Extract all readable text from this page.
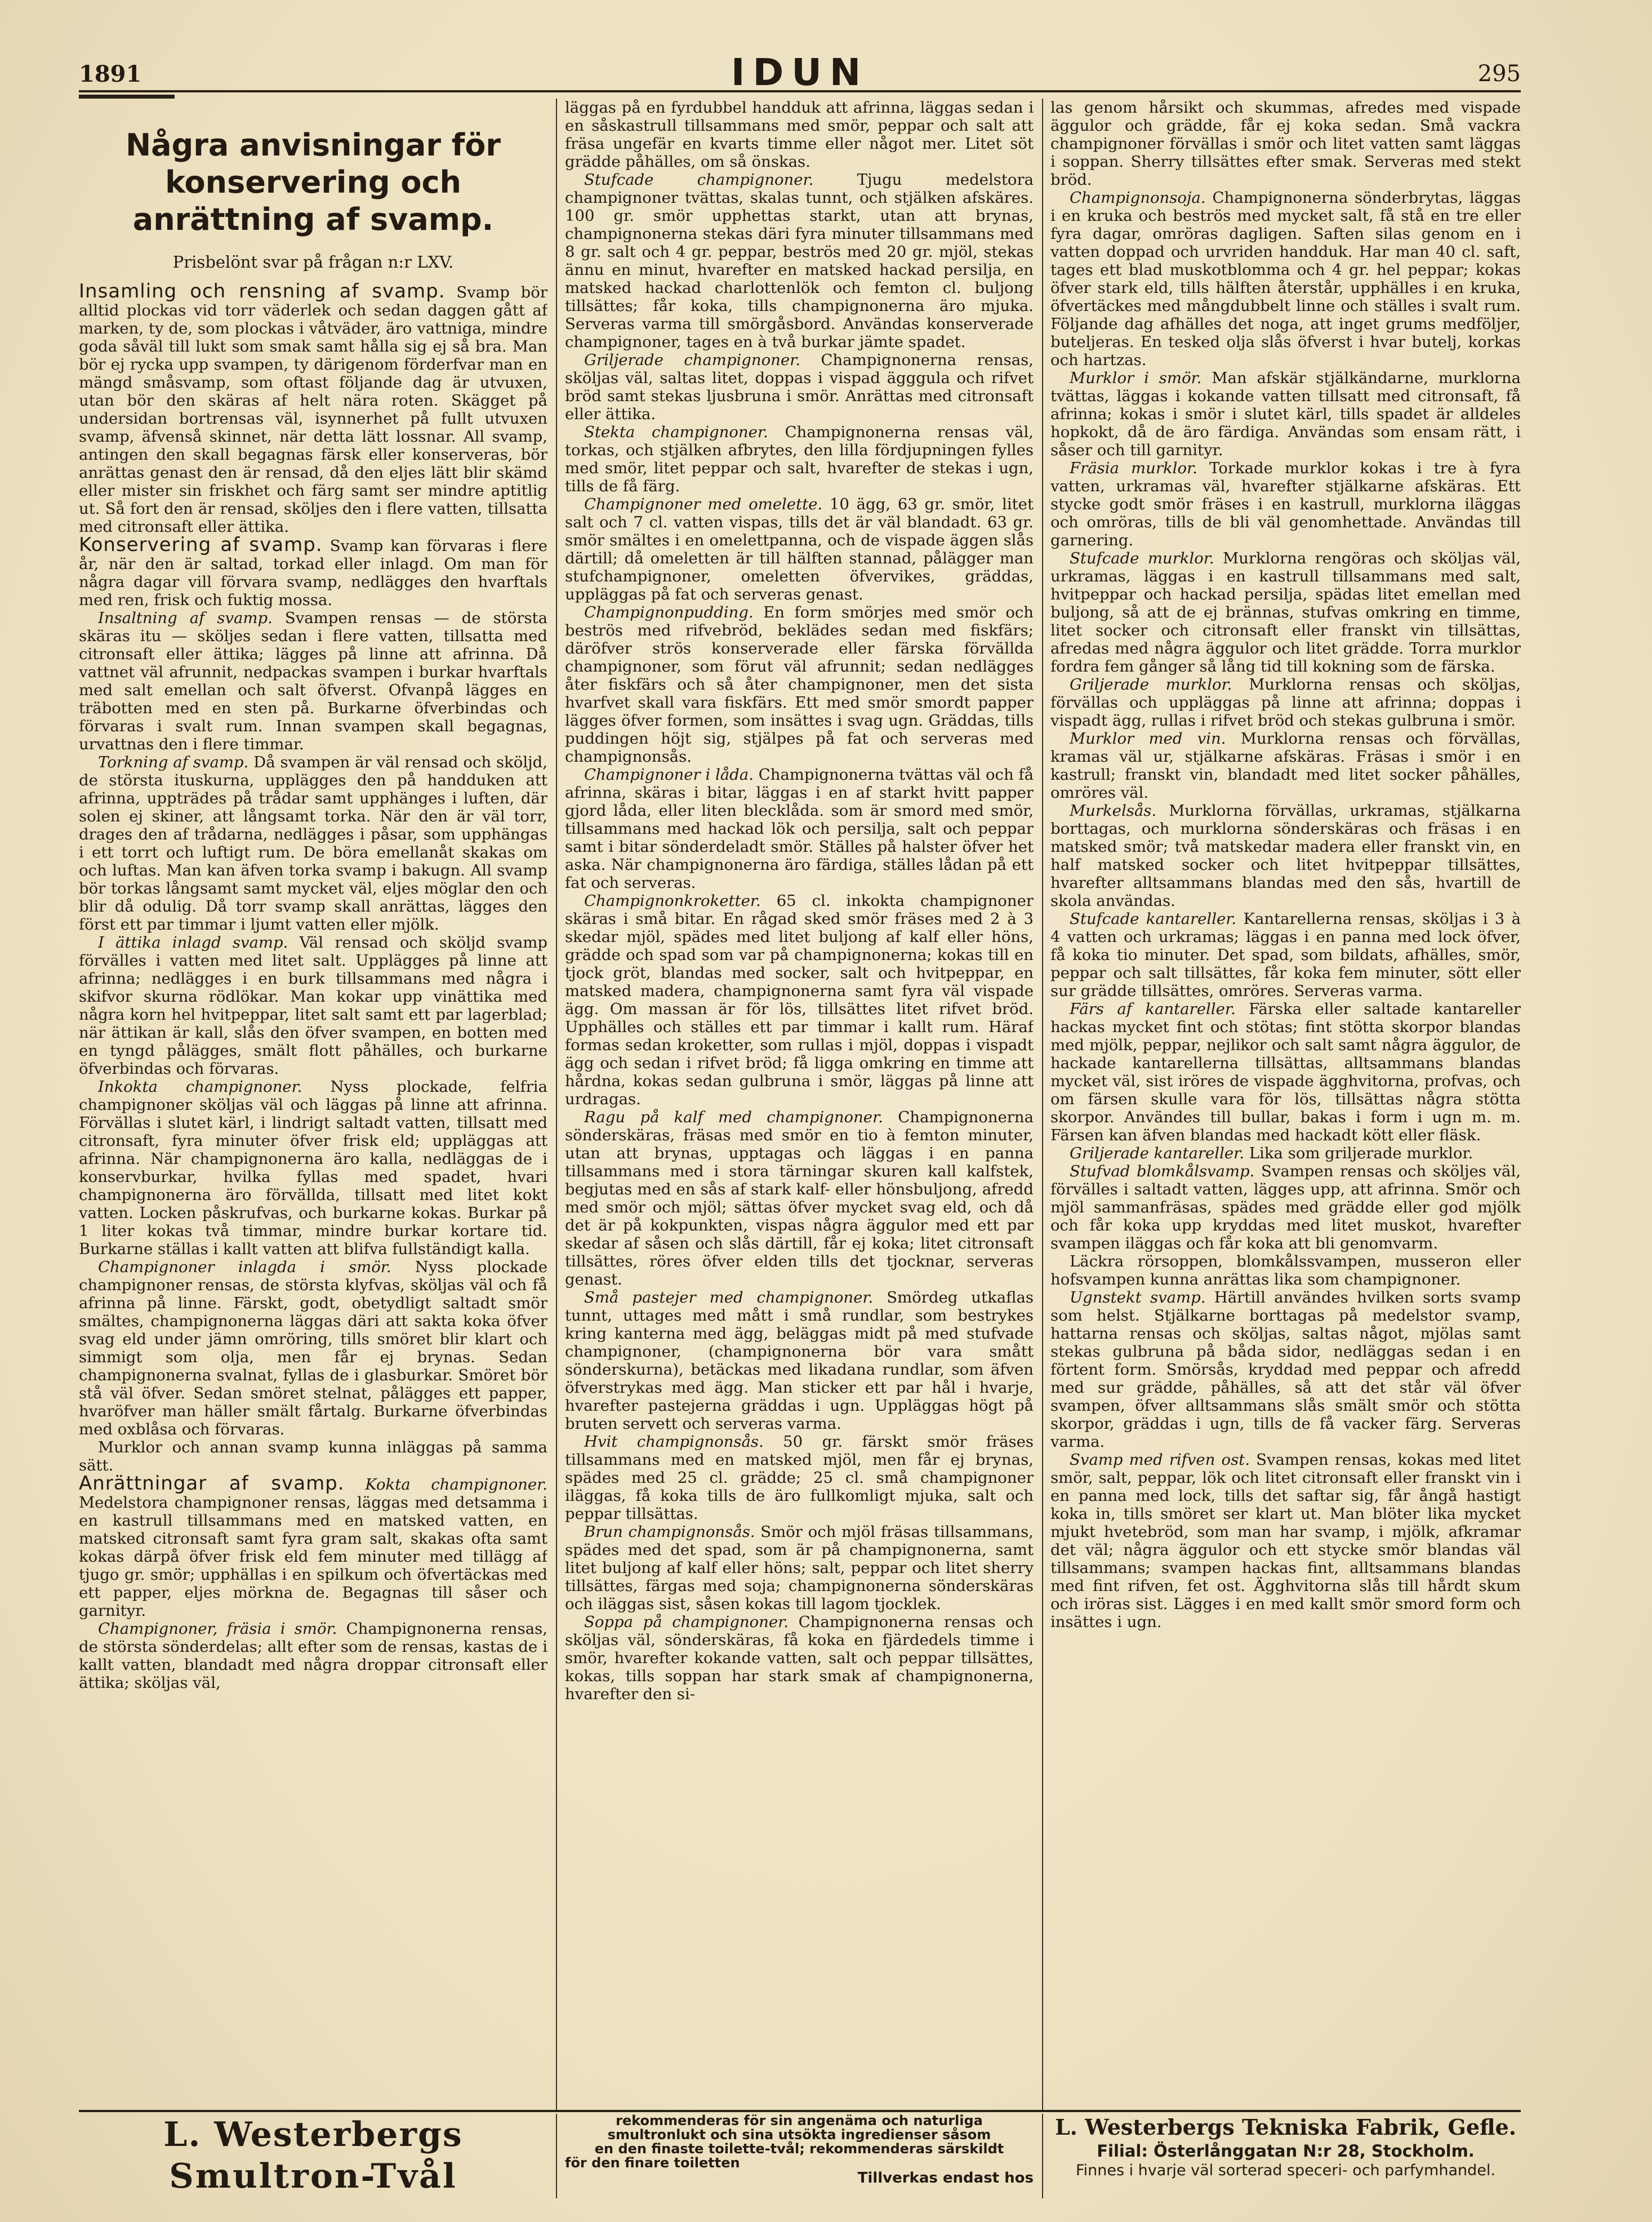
1891	IDUN	295
Några anvisningar för konservering och anrättning af svamp.
Prisbelönt svar på frågan n:r LXV.

Insamling och rensning af svamp. Svamp bör alltid plockas vid torr väderlek och sedan daggen gått af marken, ty de, som plockas i våtväder, äro vattniga, mindre goda såväl till lukt som smak samt hålla sig ej så bra. Man bör ej rycka upp svampen, ty därigenom förderfvar man en mängd småsvamp, som oftast följande dag är utvuxen, utan bör den skäras af helt nära roten. Skägget på undersidan bortrensas väl, isynnerhet på fullt utvuxen svamp, äfvenså skinnet, när detta lätt lossnar. All svamp, antingen den skall begagnas färsk eller konserveras, bör anrättas genast den är rensad, då den eljes lätt blir skämd eller mister sin friskhet och färg samt ser mindre aptitlig ut. Så fort den är rensad, sköljes den i flere vatten, tillsatta med citronsaft eller ättika.

Konservering af svamp. Svamp kan förvaras i flere år, när den är saltad, torkad eller inlagd. Om man för några dagar vill förvara svamp, nedlägges den hvarftals med ren, frisk och fuktig mossa.

Insaltning af svamp. Svampen rensas — de största skäras itu — sköljes sedan i flere vatten, tillsatta med citronsaft eller ättika; lägges på linne att afrinna. Då vattnet väl afrunnit, nedpackas svampen i burkar hvarftals med salt emellan och salt öfverst. Ofvanpå lägges en träbotten med en sten på. Burkarne öfverbindas och förvaras i svalt rum. Innan svampen skall begagnas, urvattnas den i flere timmar.

Torkning af svamp. Då svampen är väl rensad och sköljd, de största ituskurna, upplägges den på handduken att afrinna, uppträdes på trådar samt upphänges i luften, där solen ej skiner, att långsamt torka. När den är väl torr, drages den af trådarna, nedlägges i påsar, som upphängas i ett torrt och luftigt rum. De böra emellanåt skakas om och luftas. Man kan äfven torka svamp i bakugn. All svamp bör torkas långsamt samt mycket väl, eljes möglar den och blir då odulig. Då torr svamp skall anrättas, lägges den först ett par timmar i ljumt vatten eller mjölk.

I ättika inlagd svamp. Väl rensad och sköljd svamp förvälles i vatten med litet salt. Upplägges på linne att afrinna; nedlägges i en burk tillsammans med några i skifvor skurna rödlökar. Man kokar upp vinättika med några korn hel hvitpeppar, litet salt samt ett par lagerblad; när ättikan är kall, slås den öfver svampen, en botten med en tyngd pålägges, smält flott påhälles, och burkarne öfverbindas och förvaras.

Inkokta champignoner. Nyss plockade, felfria champignoner sköljas väl och läggas på linne att afrinna. Förvällas i slutet kärl, i lindrigt saltadt vatten, tillsatt med citronsaft, fyra minuter öfver frisk eld; uppläggas att afrinna. När champignonerna äro kalla, nedläggas de i konservburkar, hvilka fyllas med spadet, hvari champignonerna äro förvällda, tillsatt med litet kokt vatten. Locken påskrufvas, och burkarne kokas. Burkar på 1 liter kokas två timmar, mindre burkar kortare tid. Burkarne ställas i kallt vatten att blifva fullständigt kalla.

Champignoner inlagda i smör. Nyss plockade champignoner rensas, de största klyfvas, sköljas väl och få afrinna på linne. Färskt, godt, obetydligt saltadt smör smältes, champignonerna läggas däri att sakta koka öfver svag eld under jämn omröring, tills smöret blir klart och simmigt som olja, men får ej brynas. Sedan champignonerna svalnat, fyllas de i glasburkar. Smöret bör stå väl öfver. Sedan smöret stelnat, pålägges ett papper, hvaröfver man häller smält fårtalg. Burkarne öfverbindas med oxblåsa och förvaras.

Murklor och annan svamp kunna inläggas på samma sätt.

Anrättningar af svamp. Kokta champignoner. Medelstora champignoner rensas, läggas med detsamma i en kastrull tillsammans med en matsked vatten, en matsked citronsaft samt fyra gram salt, skakas ofta samt kokas därpå öfver frisk eld fem minuter med tillägg af tjugo gr. smör; upphällas i en spilkum och öfvertäckas med ett papper, eljes mörkna de. Begagnas till såser och garnityr.

Champignoner, fräsia i smör. Champignonerna rensas, de största sönderdelas; allt efter som de rensas, kastas de i kallt vatten, blandadt med några droppar citronsaft eller ättika; sköljas väl,

läggas på en fyrdubbel handduk att afrinna, läggas sedan i en såskastrull tillsammans med smör, peppar och salt att fräsa ungefär en kvarts timme eller något mer. Litet söt grädde påhälles, om så önskas.

Stufcade champignoner. Tjugu medelstora champignoner tvättas, skalas tunnt, och stjälken afskäres. 100 gr. smör upphettas starkt, utan att brynas, champignonerna stekas däri fyra minuter tillsammans med 8 gr. salt och 4 gr. peppar, beströs med 20 gr. mjöl, stekas ännu en minut, hvarefter en matsked hackad persilja, en matsked hackad charlottenlök och femton cl. buljong tillsättes; får koka, tills champignonerna äro mjuka. Serveras varma till smörgåsbord. Användas konserverade champignoner, tages en à två burkar jämte spadet.

Griljerade champignoner. Champignonerna rensas, sköljas väl, saltas litet, doppas i vispad ägggula och rifvet bröd samt stekas ljusbruna i smör. Anrättas med citronsaft eller ättika.

Stekta champignoner. Champignonerna rensas väl, torkas, och stjälken afbrytes, den lilla fördjupningen fylles med smör, litet peppar och salt, hvarefter de stekas i ugn, tills de få färg.

Champignoner med omelette. 10 ägg, 63 gr. smör, litet salt och 7 cl. vatten vispas, tills det är väl blandadt. 63 gr. smör smältes i en omelettpanna, och de vispade äggen slås därtill; då omeletten är till hälften stannad, pålägger man stufchampignoner, omeletten öfvervikes, gräddas, uppläggas på fat och serveras genast.

Champignonpudding. En form smörjes med smör och beströs med rifvebröd, beklädes sedan med fiskfärs; däröfver strös konserverade eller färska förvällda champignoner, som förut väl afrunnit; sedan nedlägges åter fiskfärs och så åter champignoner, men det sista hvarfvet skall vara fiskfärs. Ett med smör smordt papper lägges öfver formen, som insättes i svag ugn. Gräddas, tills puddingen höjt sig, stjälpes på fat och serveras med champignonsås.

Champignoner i låda. Champignonerna tvättas väl och få afrinna, skäras i bitar, läggas i en af starkt hvitt papper gjord låda, eller liten blecklåda. som är smord med smör, tillsammans med hackad lök och persilja, salt och peppar samt i bitar sönderdeladt smör. Ställes på halster öfver het aska. När champignonerna äro färdiga, ställes lådan på ett fat och serveras.

Champignonkroketter. 65 cl. inkokta champignoner skäras i små bitar. En rågad sked smör fräses med 2 à 3 skedar mjöl, spädes med litet buljong af kalf eller höns, grädde och spad som var på champignonerna; kokas till en tjock gröt, blandas med socker, salt och hvitpeppar, en matsked madera, champignonerna samt fyra väl vispade ägg. Om massan är för lös, tillsättes litet rifvet bröd. Upphälles och ställes ett par timmar i kallt rum. Häraf formas sedan kroketter, som rullas i mjöl, doppas i vispadt ägg och sedan i rifvet bröd; få ligga omkring en timme att hårdna, kokas sedan gulbruna i smör, läggas på linne att urdragas.

Ragu på kalf med champignoner. Champignonerna sönderskäras, fräsas med smör en tio à femton minuter, utan att brynas, upptagas och läggas i en panna tillsammans med i stora tärningar skuren kall kalfstek, begjutas med en sås af stark kalf- eller hönsbuljong, afredd med smör och mjöl; sättas öfver mycket svag eld, och då det är på kokpunkten, vispas några äggulor med ett par skedar af såsen och slås därtill, får ej koka; litet citronsaft tillsättes, röres öfver elden tills det tjocknar, serveras genast.

Små pastejer med champignoner. Smördeg utkaflas tunnt, uttages med mått i små rundlar, som bestrykes kring kanterna med ägg, beläggas midt på med stufvade champignoner, (champignonerna bör vara smått sönderskurna), betäckas med likadana rundlar, som äfven öfverstrykas med ägg. Man sticker ett par hål i hvarje, hvarefter pastejerna gräddas i ugn. Uppläggas högt på bruten servett och serveras varma.

Hvit champignonsås. 50 gr. färskt smör fräses tillsammans med en matsked mjöl, men får ej brynas, spädes med 25 cl. grädde; 25 cl. små champignoner iläggas, få koka tills de äro fullkomligt mjuka, salt och peppar tillsättas.

Brun champignonsås. Smör och mjöl fräsas tillsammans, spädes med det spad, som är på champignonerna, samt litet buljong af kalf eller höns; salt, peppar och litet sherry tillsättes, färgas med soja; champignonerna sönderskäras och iläggas sist, såsen kokas till lagom tjocklek.

Soppa på champignoner. Champignonerna rensas och sköljas väl, sönderskäras, få koka en fjärdedels timme i smör, hvarefter kokande vatten, salt och peppar tillsättes, kokas, tills soppan har stark smak af champignonerna, hvarefter den si-

las genom hårsikt och skummas, afredes med vispade äggulor och grädde, får ej koka sedan. Små vackra champignoner förvällas i smör och litet vatten samt läggas i soppan. Sherry tillsättes efter smak. Serveras med stekt bröd.

Champignonsoja. Champignonerna sönderbrytas, läggas i en kruka och beströs med mycket salt, få stå en tre eller fyra dagar, omröras dagligen. Saften silas genom en i vatten doppad och urvriden handduk. Har man 40 cl. saft, tages ett blad muskotblomma och 4 gr. hel peppar; kokas öfver stark eld, tills hälften återstår, upphälles i en kruka, öfvertäckes med mångdubbelt linne och ställes i svalt rum. Följande dag afhälles det noga, att inget grums medföljer, buteljeras. En tesked olja slås öfverst i hvar butelj, korkas och hartzas.

Murklor i smör. Man afskär stjälkändarne, murklorna tvättas, läggas i kokande vatten tillsatt med citronsaft, få afrinna; kokas i smör i slutet kärl, tills spadet är alldeles hopkokt, då de äro färdiga. Användas som ensam rätt, i såser och till garnityr.

Fräsia murklor. Torkade murklor kokas i tre à fyra vatten, urkramas väl, hvarefter stjälkarne afskäras. Ett stycke godt smör fräses i en kastrull, murklorna iläggas och omröras, tills de bli väl genomhettade. Användas till garnering.

Stufcade murklor. Murklorna rengöras och sköljas väl, urkramas, läggas i en kastrull tillsammans med salt, hvitpeppar och hackad persilja, spädas litet emellan med buljong, så att de ej brännas, stufvas omkring en timme, litet socker och citronsaft eller franskt vin tillsättas, afredas med några äggulor och litet grädde. Torra murklor fordra fem gånger så lång tid till kokning som de färska.

Griljerade murklor. Murklorna rensas och sköljas, förvällas och uppläggas på linne att afrinna; doppas i vispadt ägg, rullas i rifvet bröd och stekas gulbruna i smör.

Murklor med vin. Murklorna rensas och förvällas, kramas väl ur, stjälkarne afskäras. Fräsas i smör i en kastrull; franskt vin, blandadt med litet socker påhälles, omröres väl.

Murkelsås. Murklorna förvällas, urkramas, stjälkarna borttagas, och murklorna sönderskäras och fräsas i en matsked smör; två matskedar madera eller franskt vin, en half matsked socker och litet hvitpeppar tillsättes, hvarefter alltsammans blandas med den sås, hvartill de skola användas.

Stufcade kantareller. Kantarellerna rensas, sköljas i 3 à 4 vatten och urkramas; läggas i en panna med lock öfver, få koka tio minuter. Det spad, som bildats, afhälles, smör, peppar och salt tillsättes, får koka fem minuter, sött eller sur grädde tillsättes, omröres. Serveras varma.

Färs af kantareller. Färska eller saltade kantareller hackas mycket fint och stötas; fint stötta skorpor blandas med mjölk, peppar, nejlikor och salt samt några äggulor, de hackade kantarellerna tillsättas, alltsammans blandas mycket väl, sist iröres de vispade ägghvitorna, profvas, och om färsen skulle vara för lös, tillsättas några stötta skorpor. Användes till bullar, bakas i form i ugn m. m. Färsen kan äfven blandas med hackadt kött eller fläsk.

Griljerade kantareller. Lika som griljerade murklor.

Stufvad blomkålsvamp. Svampen rensas och sköljes väl, förvälles i saltadt vatten, lägges upp, att afrinna. Smör och mjöl sammanfräsas, spädes med grädde eller god mjölk och får koka upp kryddas med litet muskot, hvarefter svampen iläggas och får koka att bli genomvarm.

Läckra rörsoppen, blomkålssvampen, musseron eller hofsvampen kunna anrättas lika som champignoner.

Ugnstekt svamp. Härtill användes hvilken sorts svamp som helst. Stjälkarne borttagas på medelstor svamp, hattarna rensas och sköljas, saltas något, mjölas samt stekas gulbruna på båda sidor, nedläggas sedan i en förtent form. Smörsås, kryddad med peppar och afredd med sur grädde, påhälles, så att det står väl öfver svampen, öfver alltsammans slås smält smör och stötta skorpor, gräddas i ugn, tills de få vacker färg. Serveras varma.

Svamp med rifven ost. Svampen rensas, kokas med litet smör, salt, peppar, lök och litet citronsaft eller franskt vin i en panna med lock, tills det saftar sig, får ångå hastigt koka in, tills smöret ser klart ut. Man blöter lika mycket mjukt hvetebröd, som man har svamp, i mjölk, afkramar det väl; några äggulor och ett stycke smör blandas väl tillsammans; svampen hackas fint, alltsammans blandas med fint rifven, fet ost. Ägghvitorna slås till hårdt skum och iröras sist. Lägges i en med kallt smör smord form och insättes i ugn.

L. Westerbergs
Smultron-Tvål
rekommenderas för sin angenäma och naturliga
smultronlukt och sina utsökta ingredienser såsom
en den finaste toilette-tvål; rekommenderas särskildt
för den finare toiletten
Tillverkas endast hos
L. Westerbergs Tekniska Fabrik, Gefle.
Filial: Österlånggatan N:r 28, Stockholm.
Finnes i hvarje väl sorterad speceri- och parfymhandel.
